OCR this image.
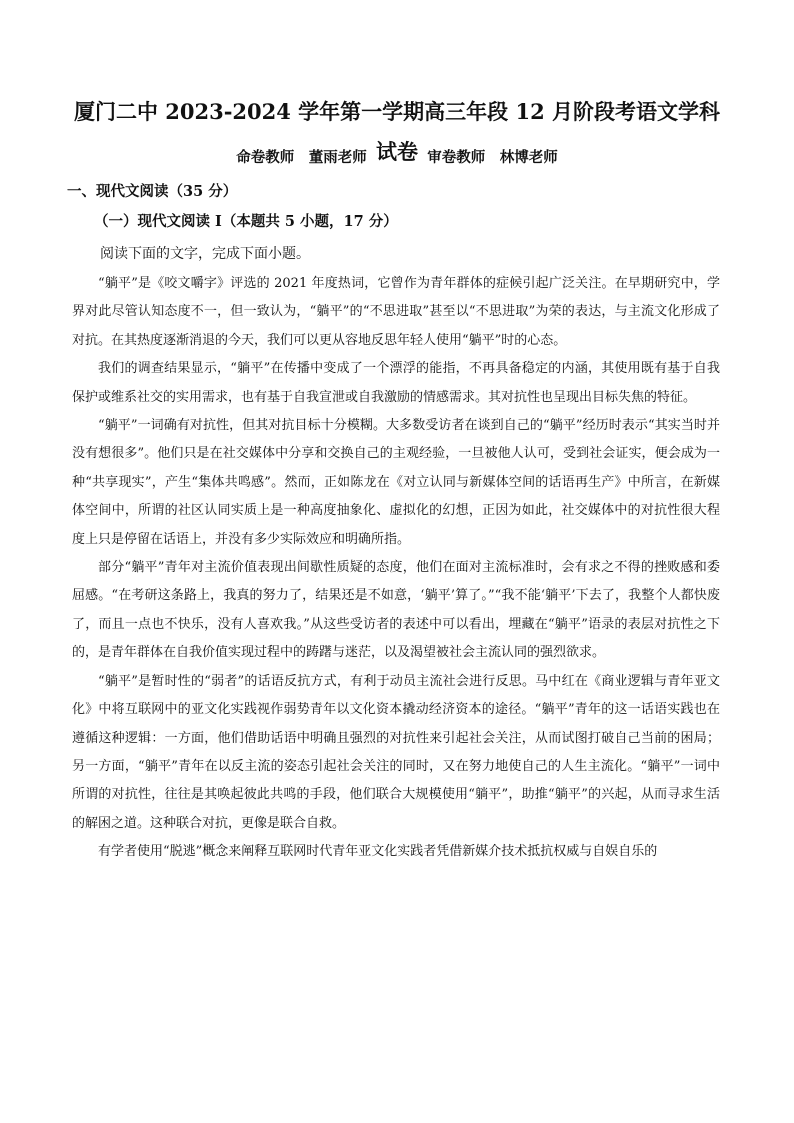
厦门二中 2023-2024 学年第一学期高三年段 12 月阶段考语文学科试卷
命卷教师　董雨老师	审卷教师　林博老师
一、现代文阅读（35 分）
（一）现代文阅读 I（本题共 5 小题，17 分）
阅读下面的文字，完成下面小题。

“躺平”是《咬文嚼字》评选的 2021 年度热词，它曾作为青年群体的症候引起广泛关注。在早期研究中，学界对此尽管认知态度不一，但一致认为，“躺平”的“不思进取”甚至以“不思进取”为荣的表达，与主流文化形成了对抗。在其热度逐渐消退的今天，我们可以更从容地反思年轻人使用“躺平”时的心态。

我们的调查结果显示，“躺平”在传播中变成了一个漂浮的能指，不再具备稳定的内涵，其使用既有基于自我保护或维系社交的实用需求，也有基于自我宣泄或自我激励的情感需求。其对抗性也呈现出目标失焦的特征。

“躺平”一词确有对抗性，但其对抗目标十分模糊。大多数受访者在谈到自己的“躺平”经历时表示“其实当时并没有想很多”。他们只是在社交媒体中分享和交换自己的主观经验，一旦被他人认可，受到社会证实，便会成为一种“共享现实”，产生“集体共鸣感”。然而，正如陈龙在《对立认同与新媒体空间的话语再生产》中所言，在新媒体空间中，所谓的社区认同实质上是一种高度抽象化、虚拟化的幻想，正因为如此，社交媒体中的对抗性很大程度上只是停留在话语上，并没有多少实际效应和明确所指。

部分“躺平”青年对主流价值表现出间歇性质疑的态度，他们在面对主流标准时，会有求之不得的挫败感和委屈感。“在考研这条路上，我真的努力了，结果还是不如意，‘躺平’算了。”“我不能‘躺平’下去了，我整个人都快废了，而且一点也不快乐，没有人喜欢我。”从这些受访者的表述中可以看出，埋藏在“躺平”语录的表层对抗性之下的，是青年群体在自我价值实现过程中的踌躇与迷茫，以及渴望被社会主流认同的强烈欲求。

“躺平”是暂时性的“弱者”的话语反抗方式，有利于动员主流社会进行反思。马中红在《商业逻辑与青年亚文化》中将互联网中的亚文化实践视作弱势青年以文化资本撬动经济资本的途径。“躺平”青年的这一话语实践也在遵循这种逻辑：一方面，他们借助话语中明确且强烈的对抗性来引起社会关注，从而试图打破自己当前的困局；另一方面，“躺平”青年在以反主流的姿态引起社会关注的同时，又在努力地使自己的人生主流化。“躺平”一词中所谓的对抗性，往往是其唤起彼此共鸣的手段，他们联合大规模使用“躺平”，助推“躺平”的兴起，从而寻求生活的解困之道。这种联合对抗，更像是联合自救。

有学者使用“脱逃”概念来阐释互联网时代青年亚文化实践者凭借新媒介技术抵抗权威与自娱自乐的
